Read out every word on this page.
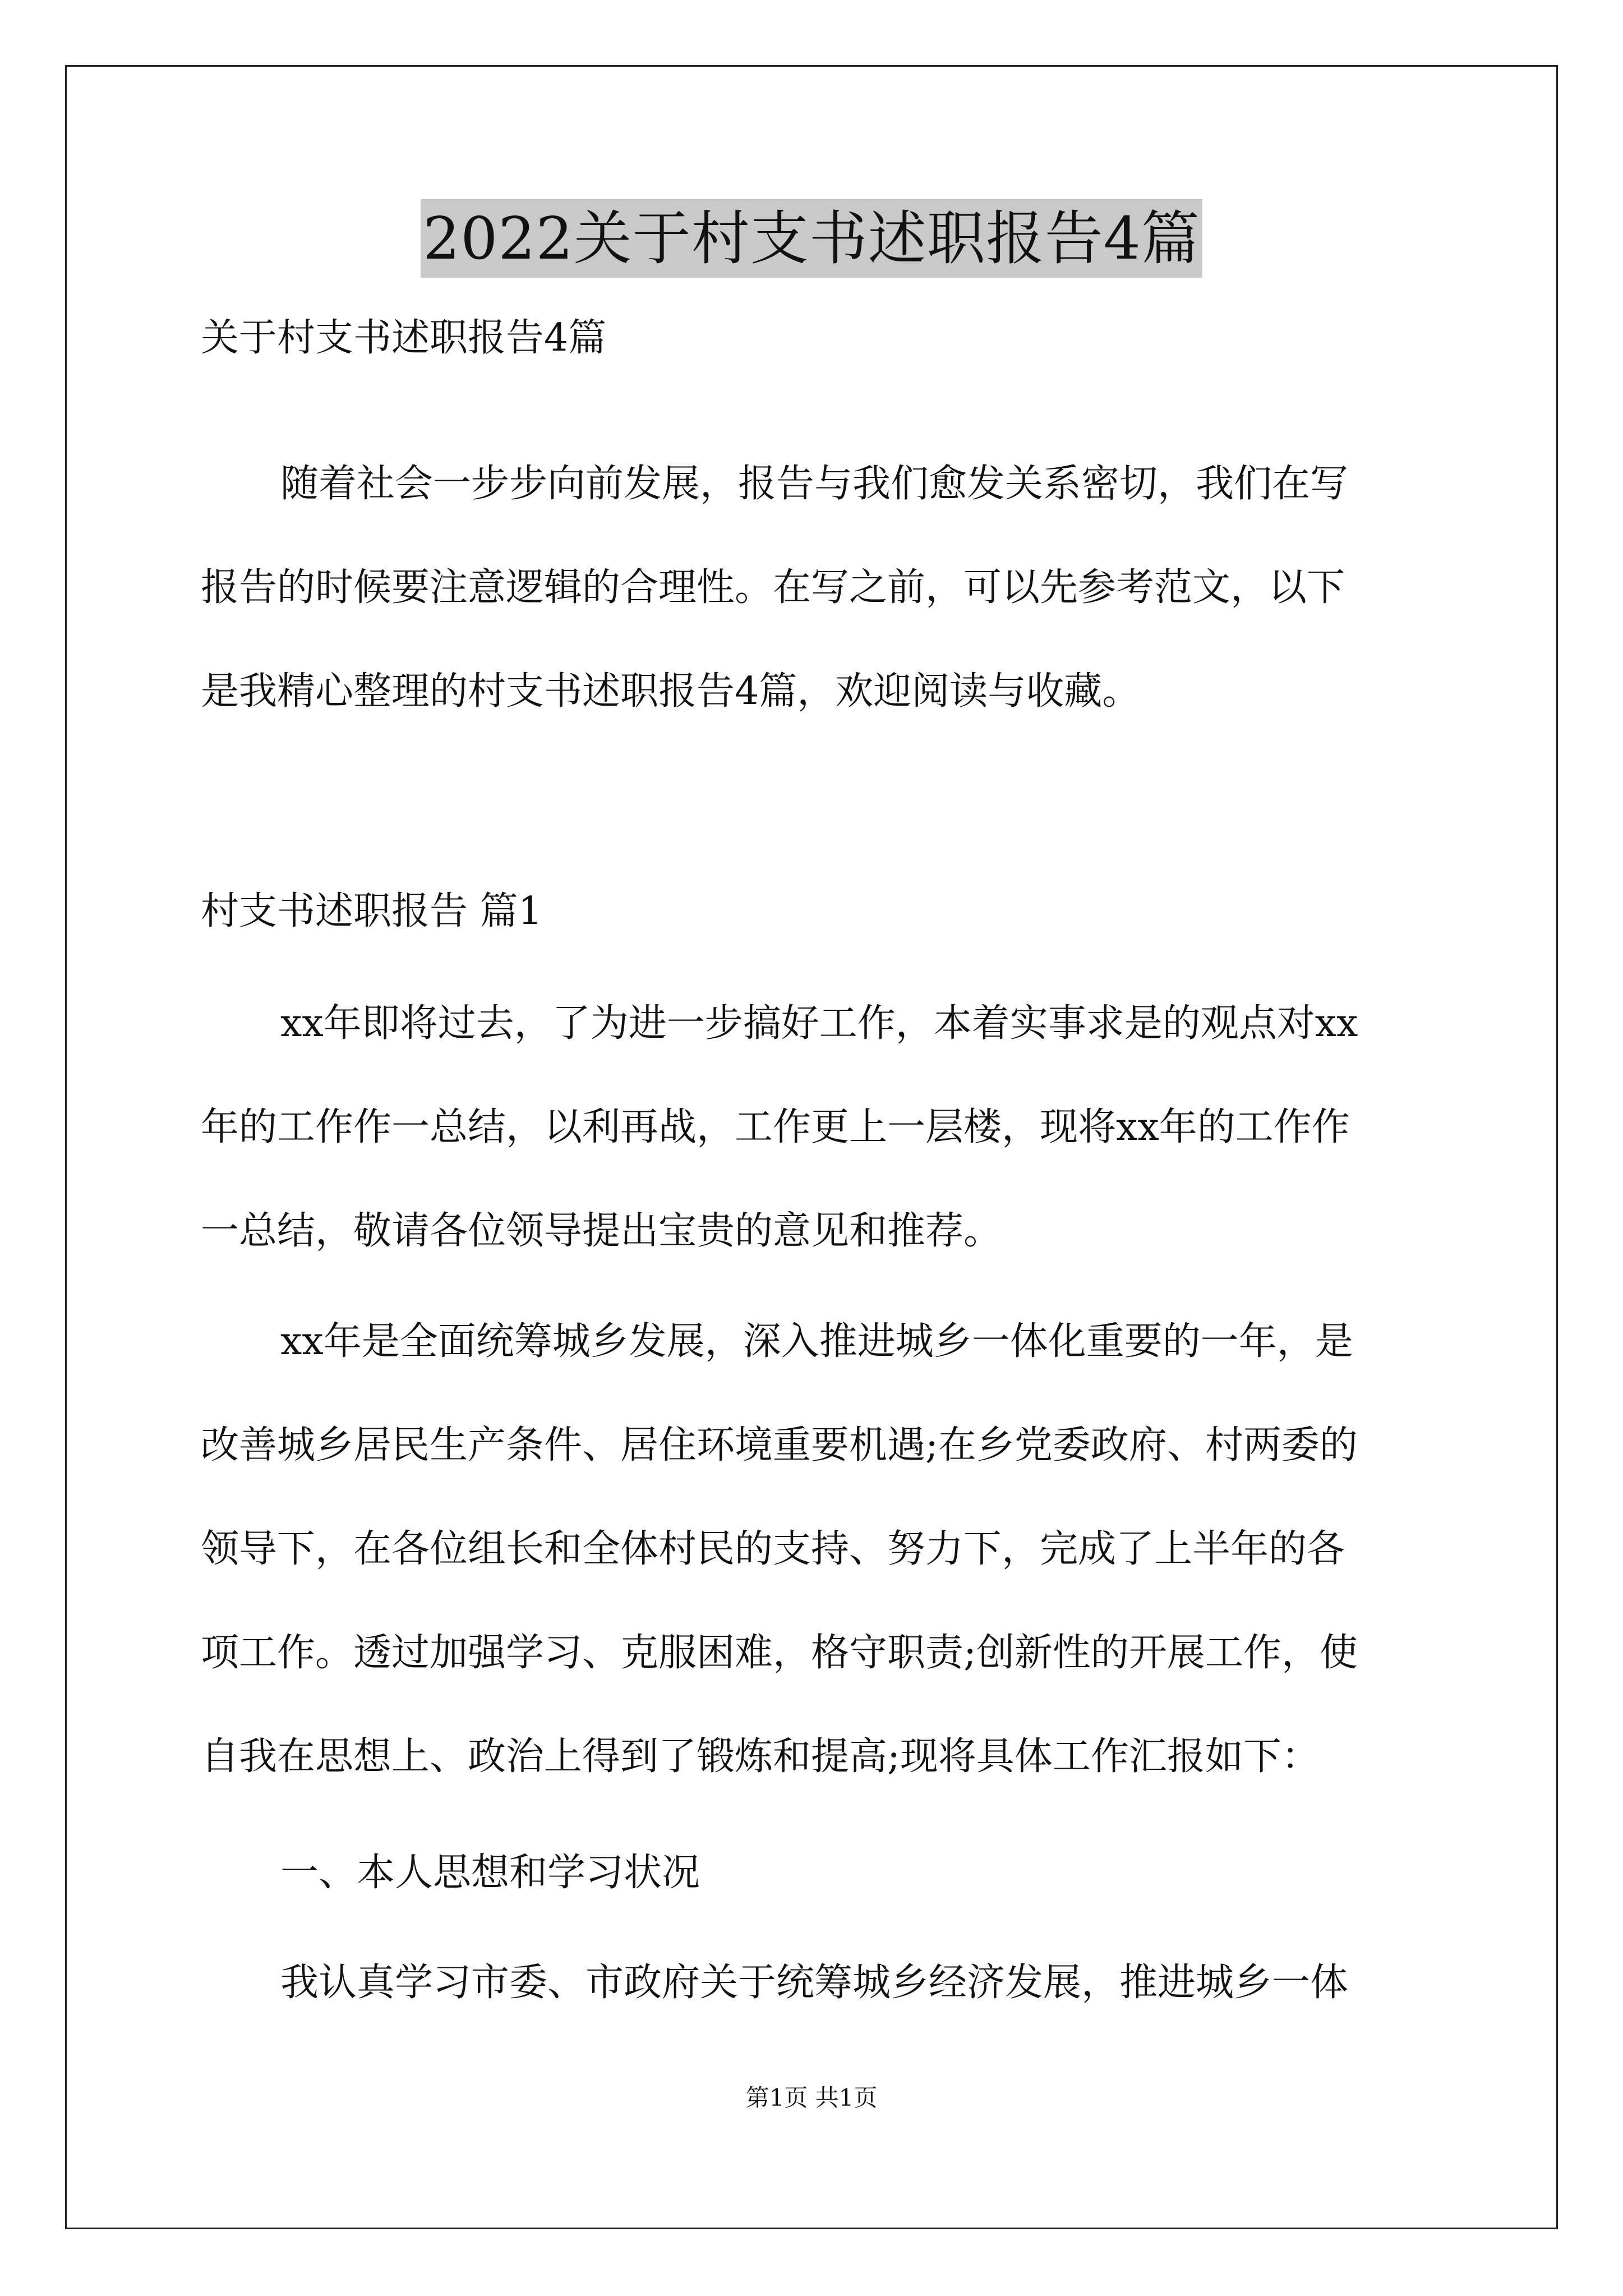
2022关于村支书述职报告4篇
关于村支书述职报告4篇
随着社会一步步向前发展，报告与我们愈发关系密切，我们在写
报告的时候要注意逻辑的合理性。在写之前，可以先参考范文，以下
是我精心整理的村支书述职报告4篇，欢迎阅读与收藏。
村支书述职报告 篇1
xx年即将过去，了为进一步搞好工作，本着实事求是的观点对xx
年的工作作一总结，以利再战，工作更上一层楼，现将xx年的工作作
一总结，敬请各位领导提出宝贵的意见和推荐。
xx年是全面统筹城乡发展，深入推进城乡一体化重要的一年，是
改善城乡居民生产条件、居住环境重要机遇;在乡党委政府、村两委的
领导下，在各位组长和全体村民的支持、努力下，完成了上半年的各
项工作。透过加强学习、克服困难，格守职责;创新性的开展工作，使
自我在思想上、政治上得到了锻炼和提高;现将具体工作汇报如下：
一、本人思想和学习状况
我认真学习市委、市政府关于统筹城乡经济发展，推进城乡一体
第1页 共1页
